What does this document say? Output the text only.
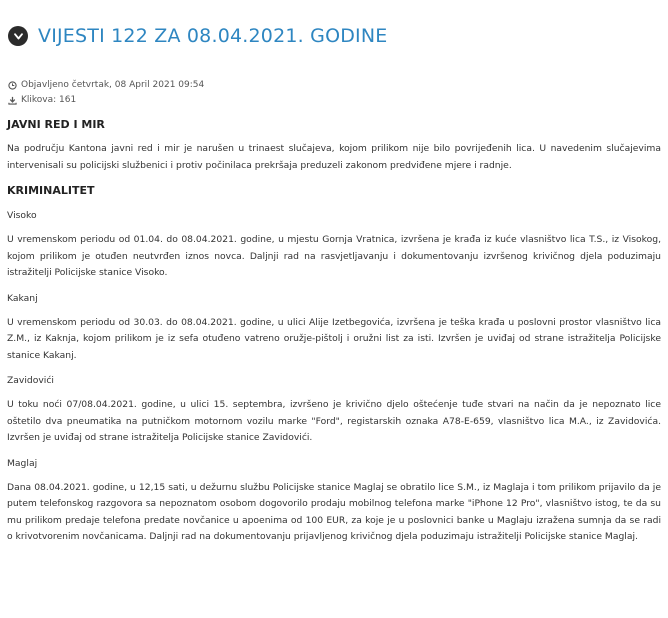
VIJESTI 122 ZA 08.04.2021. GODINE
Objavljeno četvrtak, 08 April 2021 09:54
Klikova: 161
JAVNI RED I MIR

Na području Kantona javni red i mir je narušen u trinaest slučajeva, kojom prilikom nije bilo povrijeđenih lica. U navedenim slučajevima intervenisali su policijski službenici i protiv počinilaca prekršaja preduzeli zakonom predviđene mjere i radnje.

KRIMINALITET
Visoko

U vremenskom periodu od 01.04. do 08.04.2021. godine, u mjestu Gornja Vratnica, izvršena je krađa iz kuće vlasništvo lica T.S., iz Visokog, kojom prilikom je otuđen neutvrđen iznos novca. Daljnji rad na rasvjetljavanju i dokumentovanju izvršenog krivičnog djela poduzimaju istražitelji Policijske stanice Visoko.

Kakanj

U vremenskom periodu od 30.03. do 08.04.2021. godine, u ulici Alije Izetbegovića, izvršena je teška krađa u poslovni prostor vlasništvo lica Z.M., iz Kaknja, kojom prilikom je iz sefa otuđeno vatreno oružje-pištolj i oružni list za isti. Izvršen je uviđaj od strane istražitelja Policijske stanice Kakanj.

Zavidovići

U toku noći 07/08.04.2021. godine, u ulici 15. septembra, izvršeno je krivično djelo oštećenje tuđe stvari na način da je nepoznato lice oštetilo dva pneumatika na putničkom motornom vozilu marke "Ford", registarskih oznaka A78-E-659, vlasništvo lica M.A., iz Zavidovića. Izvršen je uviđaj od strane istražitelja Policijske stanice Zavidovići.

Maglaj

Dana 08.04.2021. godine, u 12,15 sati, u dežurnu službu Policijske stanice Maglaj se obratilo lice S.M., iz Maglaja i tom prilikom prijavilo da je putem telefonskog razgovora sa nepoznatom osobom dogovorilo prodaju mobilnog telefona marke "iPhone 12 Pro", vlasništvo istog, te da su mu prilikom predaje telefona predate novčanice u apoenima od 100 EUR, za koje je u poslovnici banke u Maglaju izražena sumnja da se radi o krivotvorenim novčanicama. Daljnji rad na dokumentovanju prijavljenog krivičnog djela poduzimaju istražitelji Policijske stanice Maglaj.
